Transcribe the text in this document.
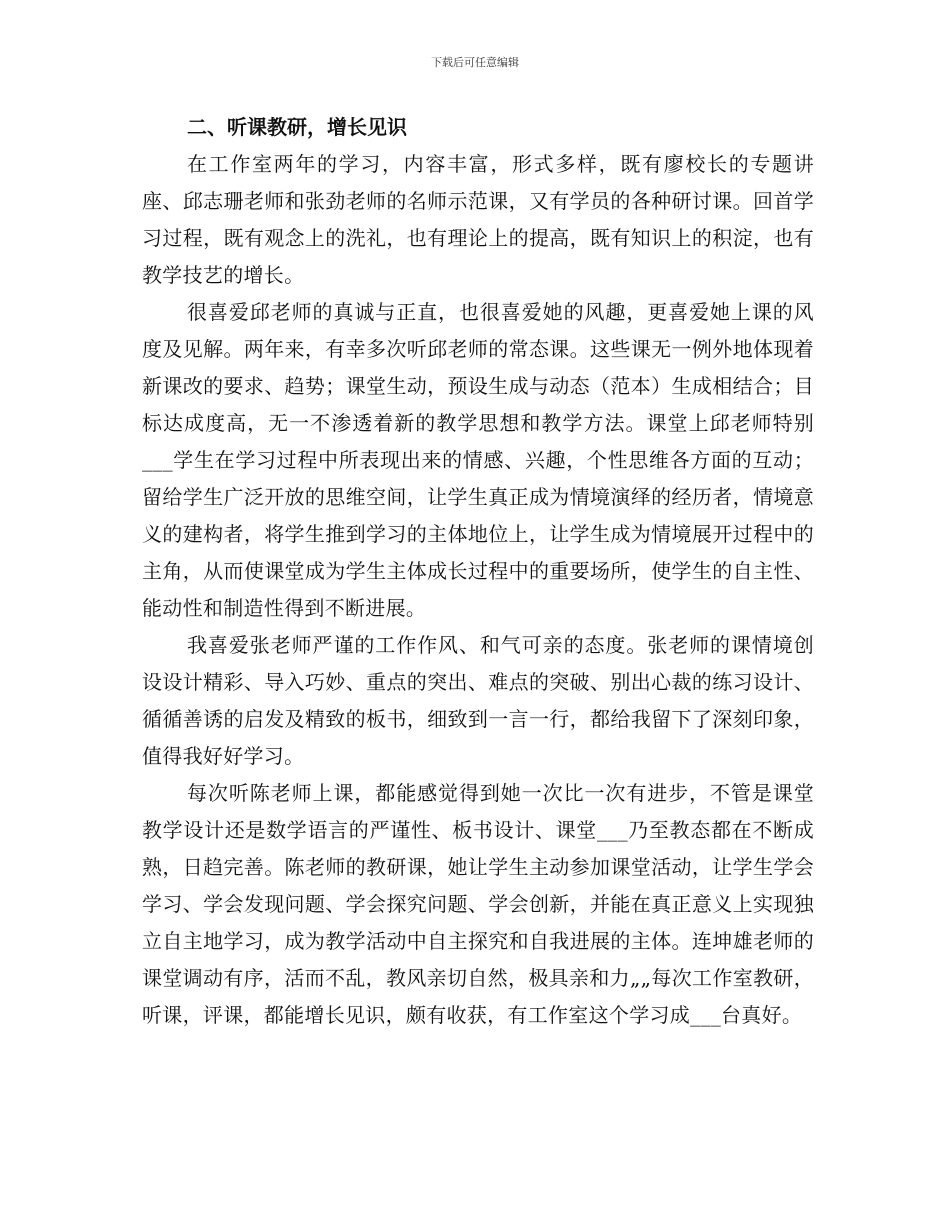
下载后可任意编辑

二、听课教研，增长见识

在工作室两年的学习，内容丰富，形式多样，既有廖校长的专题讲座、邱志珊老师和张劲老师的名师示范课，又有学员的各种研讨课。回首学习过程，既有观念上的洗礼，也有理论上的提高，既有知识上的积淀，也有教学技艺的增长。

很喜爱邱老师的真诚与正直，也很喜爱她的风趣，更喜爱她上课的风度及见解。两年来，有幸多次听邱老师的常态课。这些课无一例外地体现着新课改的要求、趋势；课堂生动，预设生成与动态（范本）生成相结合；目标达成度高，无一不渗透着新的教学思想和教学方法。课堂上邱老师特别___学生在学习过程中所表现出来的情感、兴趣，个性思维各方面的互动；留给学生广泛开放的思维空间，让学生真正成为情境演绎的经历者，情境意义的建构者，将学生推到学习的主体地位上，让学生成为情境展开过程中的主角，从而使课堂成为学生主体成长过程中的重要场所，使学生的自主性、能动性和制造性得到不断进展。

我喜爱张老师严谨的工作作风、和气可亲的态度。张老师的课情境创设设计精彩、导入巧妙、重点的突出、难点的突破、别出心裁的练习设计、循循善诱的启发及精致的板书，细致到一言一行，都给我留下了深刻印象，值得我好好学习。

每次听陈老师上课，都能感觉得到她一次比一次有进步，不管是课堂教学设计还是数学语言的严谨性、板书设计、课堂___乃至教态都在不断成熟，日趋完善。陈老师的教研课，她让学生主动参加课堂活动，让学生学会学习、学会发现问题、学会探究问题、学会创新，并能在真正意义上实现独立自主地学习，成为教学活动中自主探究和自我进展的主体。连坤雄老师的课堂调动有序，活而不乱，教风亲切自然，极具亲和力„„每次工作室教研，听课，评课，都能增长见识，颇有收获，有工作室这个学习成___台真好。
